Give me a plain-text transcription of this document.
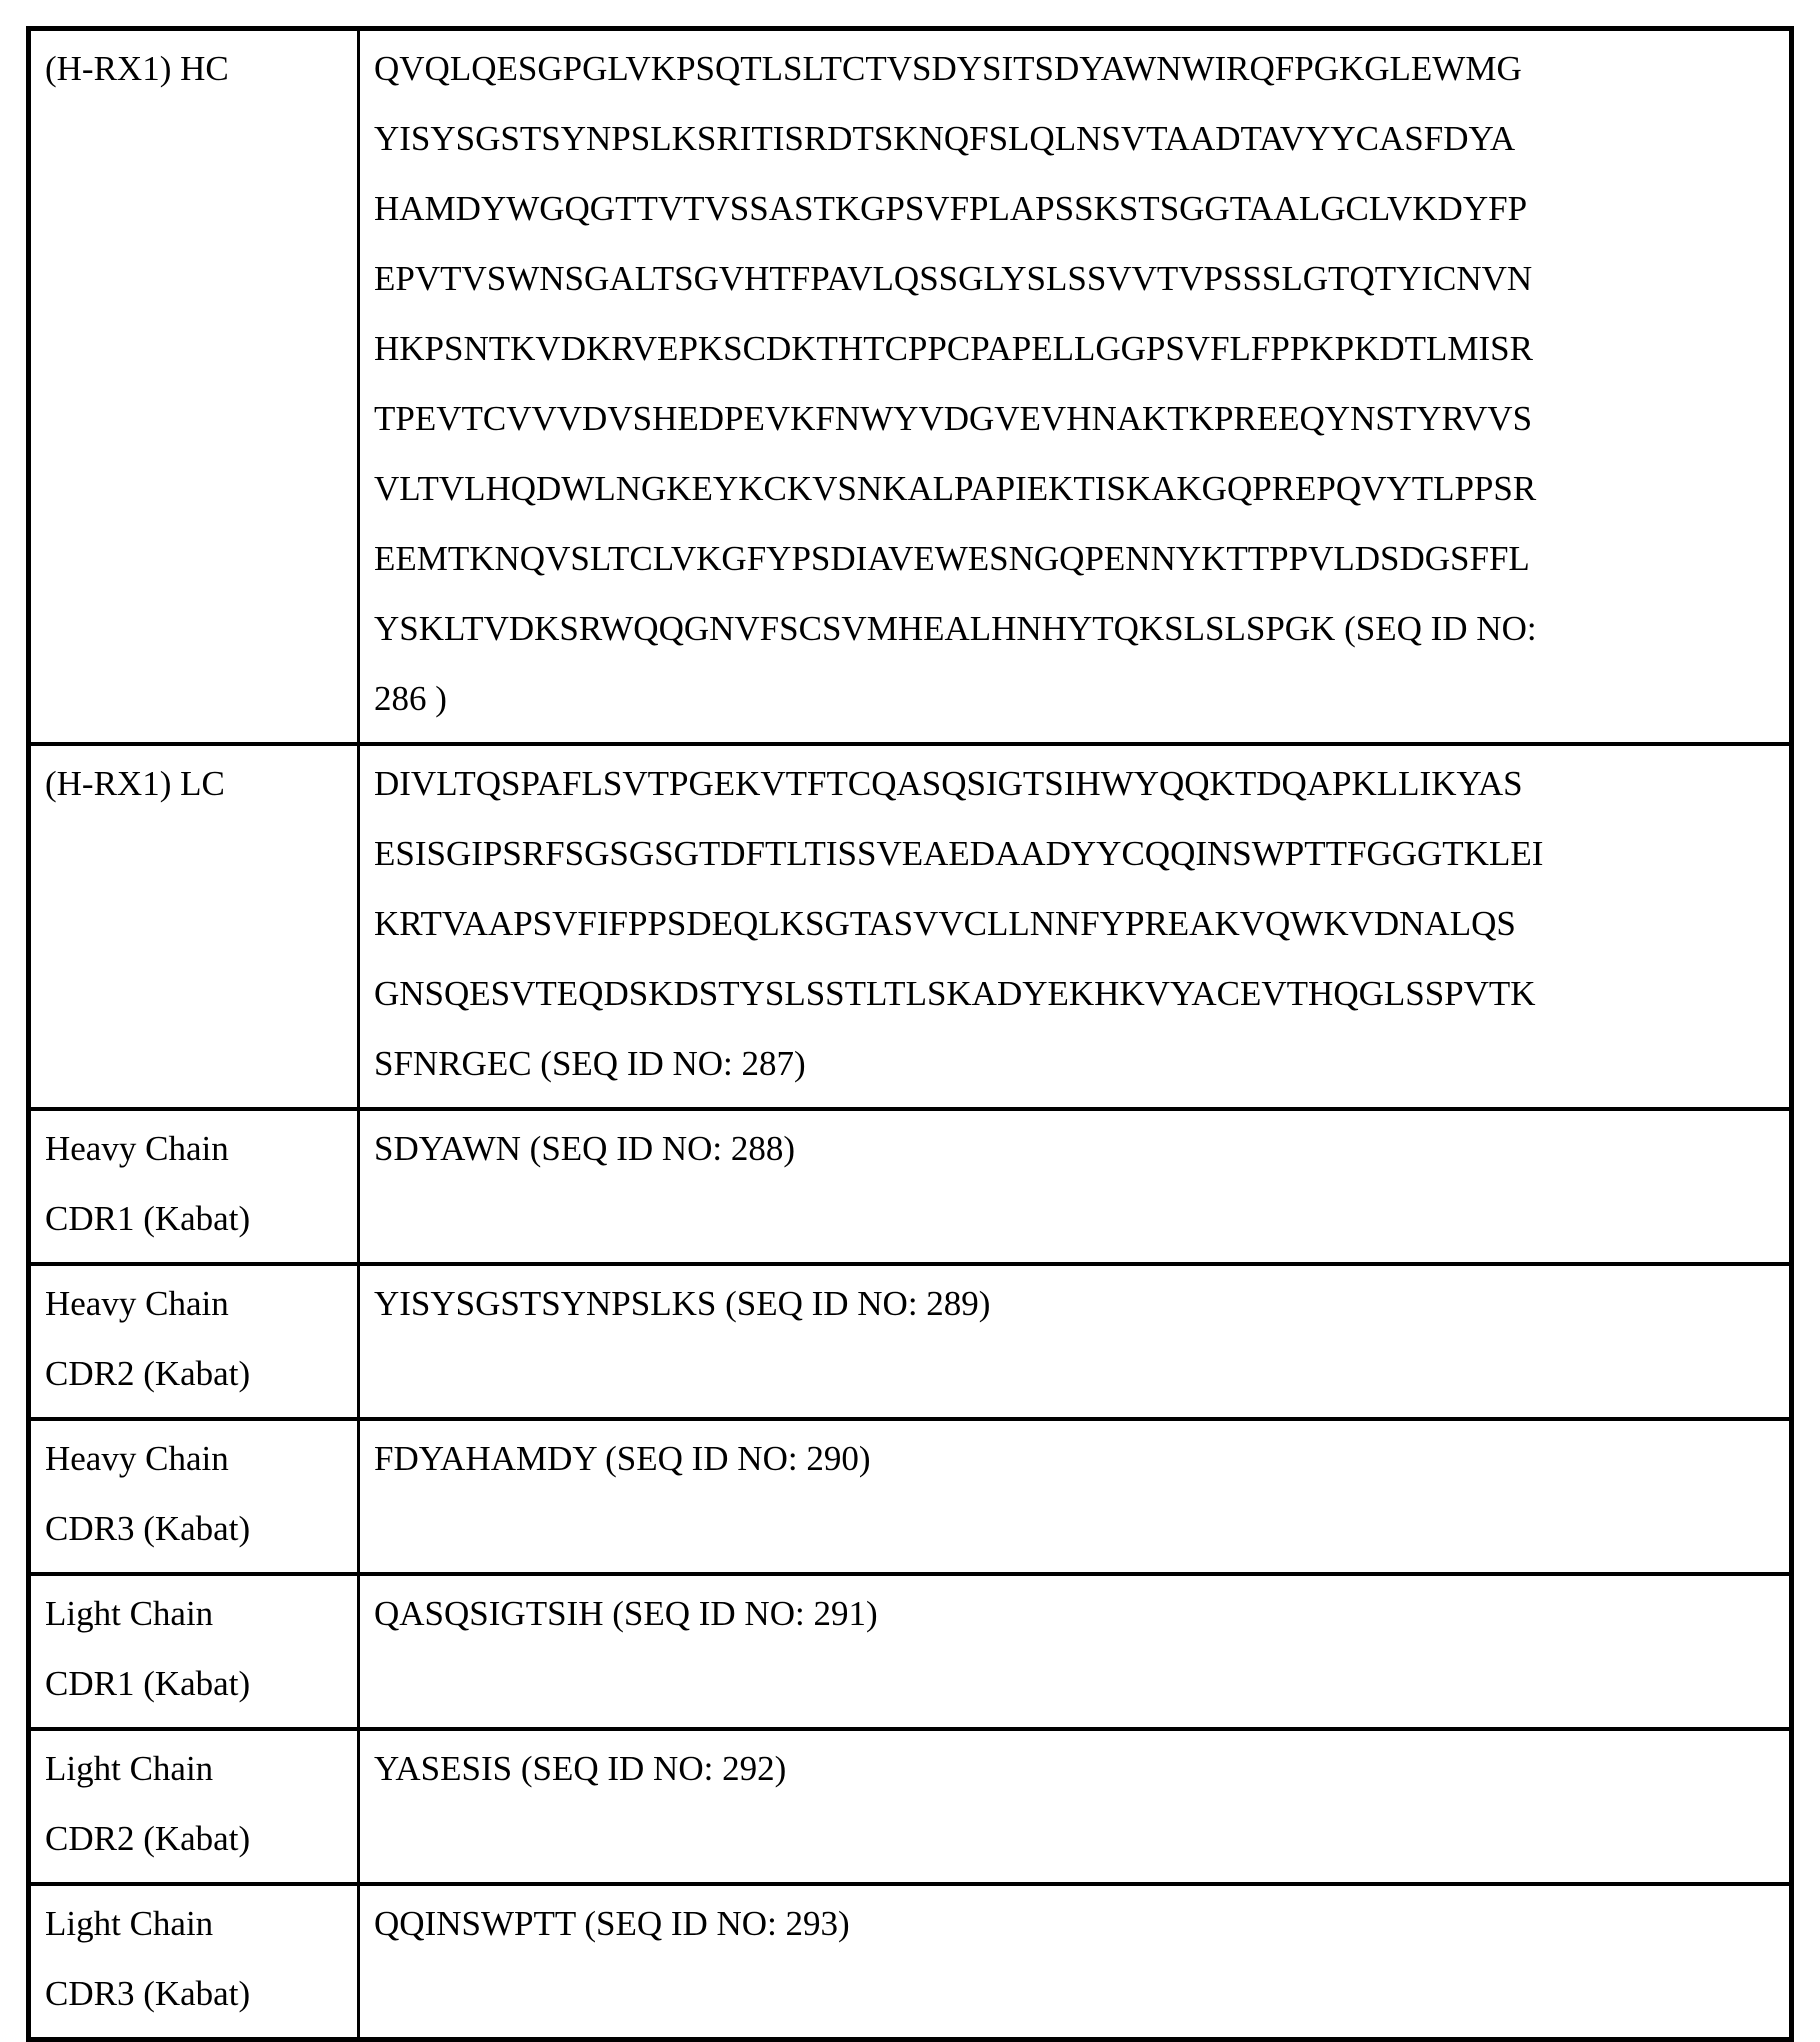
(H-RX1) HC	QVQLQESGPGLVKPSQTLSLTCTVSDYSITSDYAWNWIRQFPGKGLEWMG
YISYSGSTSYNPSLKSRITISRDTSKNQFSLQLNSVTAADTAVYYCASFDYA
HAMDYWGQGTTVTVSSASTKGPSVFPLAPSSKSTSGGTAALGCLVKDYFP
EPVTVSWNSGALTSGVHTFPAVLQSSGLYSLSSVVTVPSSSLGTQTYICNVN
HKPSNTKVDKRVEPKSCDKTHTCPPCPAPELLGGPSVFLFPPKPKDTLMISR
TPEVTCVVVDVSHEDPEVKFNWYVDGVEVHNAKTKPREEQYNSTYRVVS
VLTVLHQDWLNGKEYKCKVSNKALPAPIEKTISKAKGQPREPQVYTLPPSR
EEMTKNQVSLTCLVKGFYPSDIAVEWESNGQPENNYKTTPPVLDSDGSFFL
YSKLTVDKSRWQQGNVFSCSVMHEALHNHYTQKSLSLSPGK (SEQ ID NO:
286 )
(H-RX1) LC	DIVLTQSPAFLSVTPGEKVTFTCQASQSIGTSIHWYQQKTDQAPKLLIKYAS
ESISGIPSRFSGSGSGTDFTLTISSVEAEDAADYYCQQINSWPTTFGGGTKLEI
KRTVAAPSVFIFPPSDEQLKSGTASVVCLLNNFYPREAKVQWKVDNALQS
GNSQESVTEQDSKDSTYSLSSTLTLSKADYEKHKVYACEVTHQGLSSPVTK
SFNRGEC (SEQ ID NO: 287)
Heavy Chain
CDR1 (Kabat)	SDYAWN (SEQ ID NO: 288)
Heavy Chain
CDR2 (Kabat)	YISYSGSTSYNPSLKS (SEQ ID NO: 289)
Heavy Chain
CDR3 (Kabat)	FDYAHAMDY (SEQ ID NO: 290)
Light Chain
CDR1 (Kabat)	QASQSIGTSIH (SEQ ID NO: 291)
Light Chain
CDR2 (Kabat)	YASESIS (SEQ ID NO: 292)
Light Chain
CDR3 (Kabat)	QQINSWPTT (SEQ ID NO: 293)
